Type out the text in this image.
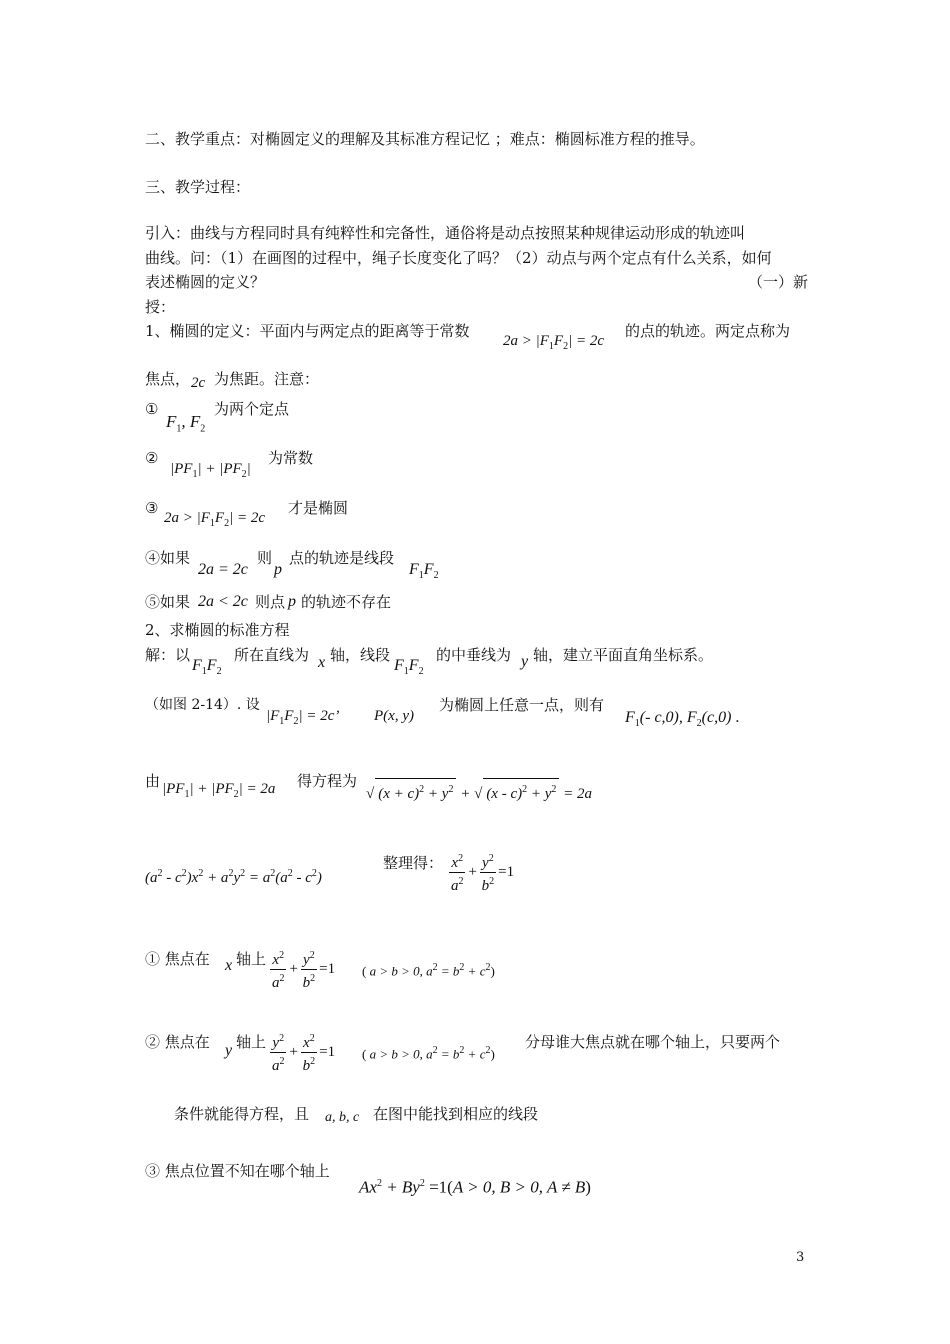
二、教学重点：对椭圆定义的理解及其标准方程记忆 ；难点：椭圆标准方程的推导。
三、教学过程：
引入：曲线与方程同时具有纯粹性和完备性，通俗将是动点按照某种规律运动形成的轨迹叫
曲线。问：（1）在画图的过程中，绳子长度变化了吗？（2）动点与两个定点有什么关系，如何
表述椭圆的定义？	（一）新
授：
1、椭圆的定义：平面内与两定点的距离等于常数
$2a > |F_1F_2| = 2c$
的点的轨迹。两定点称为
焦点， 2c 为焦距。注意：
①
$F_1$, $F_2$
为两个定点
②
$|PF_1| + |PF_2|$
为常数
③
$2a > |F_1F_2| = 2c$
才是椭圆
④如果
2a = 2c
则
p
点的轨迹是线段
$F_1F_2$
⑤如果 2a < 2c 则点 p 的轨迹不存在
2、求椭圆的标准方程
解：以
$F_1F_2$
所在直线为 x 轴，线段
$F_1F_2$
的中垂线为 y 轴，建立平面直角坐标系。
（如图 2-14）. 设
$|F_1F_2| = 2c$’ P(x, y)
为椭圆上任意一点，则有
$F_1(-$ c,0), $F_2(c,0)$ .
由 $|PF_1| + |PF_2| = 2a$ 得方程为
√ $(x + c)^2 + y^2$ + √ $(x - c)^2 + y^2 = 2a$
$(a^2 - c^2)x^2 + a^2y^2 = a^2(a^2 - c^2)$
整理得： $\frac{x^2}{a^2} + \frac{y^2}{b^2} =1$
① 焦点在 x 轴上 $\frac{x^2}{a^2} + \frac{y^2}{b^2} =1$ ( a > b > 0, $a^2 = b^2 + c^2$)
② 焦点在 y 轴上 $\frac{y^2}{a^2} + \frac{x^2}{b^2} =1$ ( a > b > 0, $a^2 = b^2 + c^2$)
分母谁大焦点就在哪个轴上，只要两个
条件就能得方程，且 a, b, c 在图中能找到相应的线段
③ 焦点位置不知在哪个轴上
$Ax^2 + By^2 =1(A > 0$, B > 0, A ≠ B)
3
